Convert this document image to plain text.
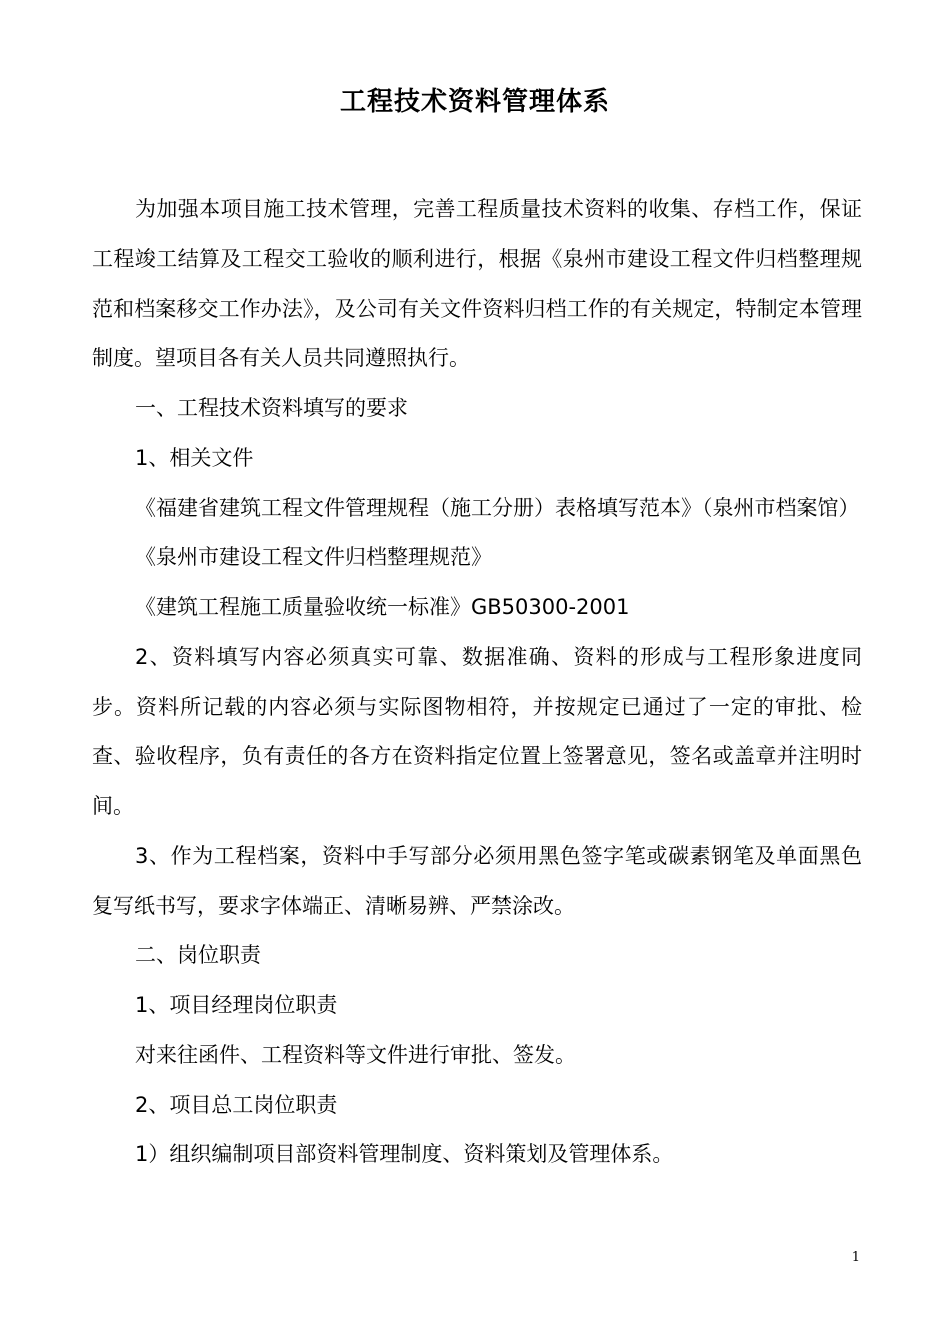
工程技术资料管理体系

为加强本项目施工技术管理，完善工程质量技术资料的收集、存档工作，保证工程竣工结算及工程交工验收的顺利进行，根据《泉州市建设工程文件归档整理规范和档案移交工作办法》，及公司有关文件资料归档工作的有关规定，特制定本管理制度。望项目各有关人员共同遵照执行。

一、工程技术资料填写的要求

1、相关文件

《福建省建筑工程文件管理规程（施工分册）表格填写范本》（泉州市档案馆）

《泉州市建设工程文件归档整理规范》

《建筑工程施工质量验收统一标准》GB50300-2001

2、资料填写内容必须真实可靠、数据准确、资料的形成与工程形象进度同步。资料所记载的内容必须与实际图物相符，并按规定已通过了一定的审批、检查、验收程序，负有责任的各方在资料指定位置上签署意见，签名或盖章并注明时间。

3、作为工程档案，资料中手写部分必须用黑色签字笔或碳素钢笔及单面黑色复写纸书写，要求字体端正、清晰易辨、严禁涂改。

二、岗位职责

1、项目经理岗位职责

对来往函件、工程资料等文件进行审批、签发。

2、项目总工岗位职责

1）组织编制项目部资料管理制度、资料策划及管理体系。

1
